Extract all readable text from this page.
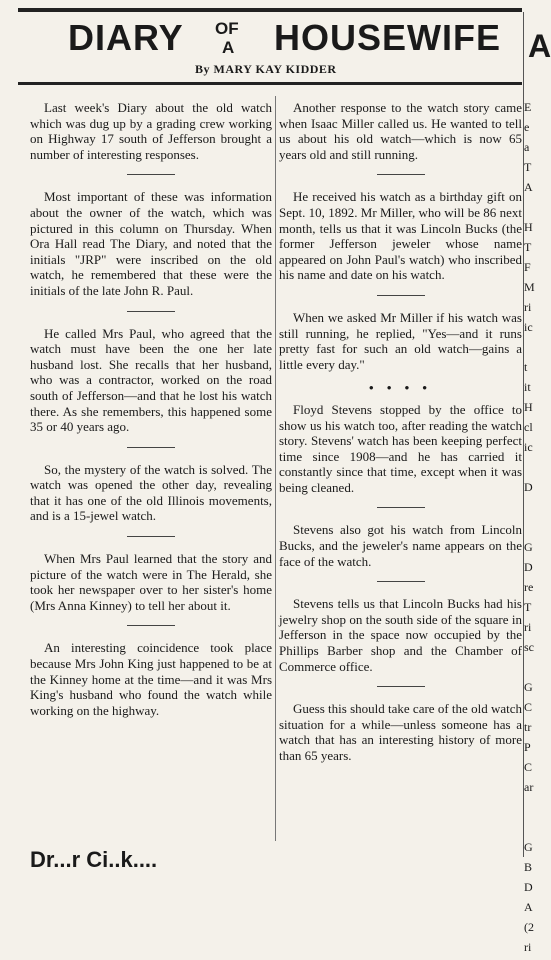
DIARY OF
A HOUSEWIFE
By MARY KAY KIDDER

Last week's Diary about the old watch which was dug up by a grading crew working on Highway 17 south of Jefferson brought a number of interesting responses.

Most important of these was information about the owner of the watch, which was pictured in this column on Thursday. When Ora Hall read The Diary, and noted that the initials "JRP" were inscribed on the old watch, he remembered that these were the initials of the late John R. Paul.

He called Mrs Paul, who agreed that the watch must have been the one her late husband lost. She recalls that her husband, who was a contractor, worked on the road south of Jefferson—and that he lost his watch there. As she remembers, this happened some 35 or 40 years ago.

So, the mystery of the watch is solved. The watch was opened the other day, revealing that it has one of the old Illinois movements, and is a 15-jewel watch.

When Mrs Paul learned that the story and picture of the watch were in The Herald, she took her newspaper over to her sister's home (Mrs Anna Kinney) to tell her about it.

An interesting coincidence took place because Mrs John King just happened to be at the Kinney home at the time—and it was Mrs King's husband who found the watch while working on the highway.

Another response to the watch story came when Isaac Miller called us. He wanted to tell us about his old watch—which is now 65 years old and still running.

He received his watch as a birthday gift on Sept. 10, 1892. Mr Miller, who will be 86 next month, tells us that it was Lincoln Bucks (the former Jefferson jeweler whose name appeared on John Paul's watch) who inscribed his name and date on his watch.

When we asked Mr Miller if his watch was still running, he replied, "Yes—and it runs pretty fast for such an old watch—gains a little every day."

• • • •

Floyd Stevens stopped by the office to show us his watch too, after reading the watch story. Stevens' watch has been keeping perfect time since 1908—and he has carried it constantly since that time, except when it was being cleaned.

Stevens also got his watch from Lincoln Bucks, and the jeweler's name appears on the face of the watch.

Stevens tells us that Lincoln Bucks had his jewelry shop on the south side of the square in Jefferson in the space now occupied by the Phillips Barber shop and the Chamber of Commerce office.

Guess this should take care of the old watch situation for a while—unless someone has a watch that has an interesting history of more than 65 years.

A
E
e
a
T
A
H
T
F
M
ri
ic
t
it
H
cl
ic
D
G
D
re
T
ri
sc
G
C
tr
P
C
ar
G
B
D
A
(2
ri
Dr...r Ci..k....
